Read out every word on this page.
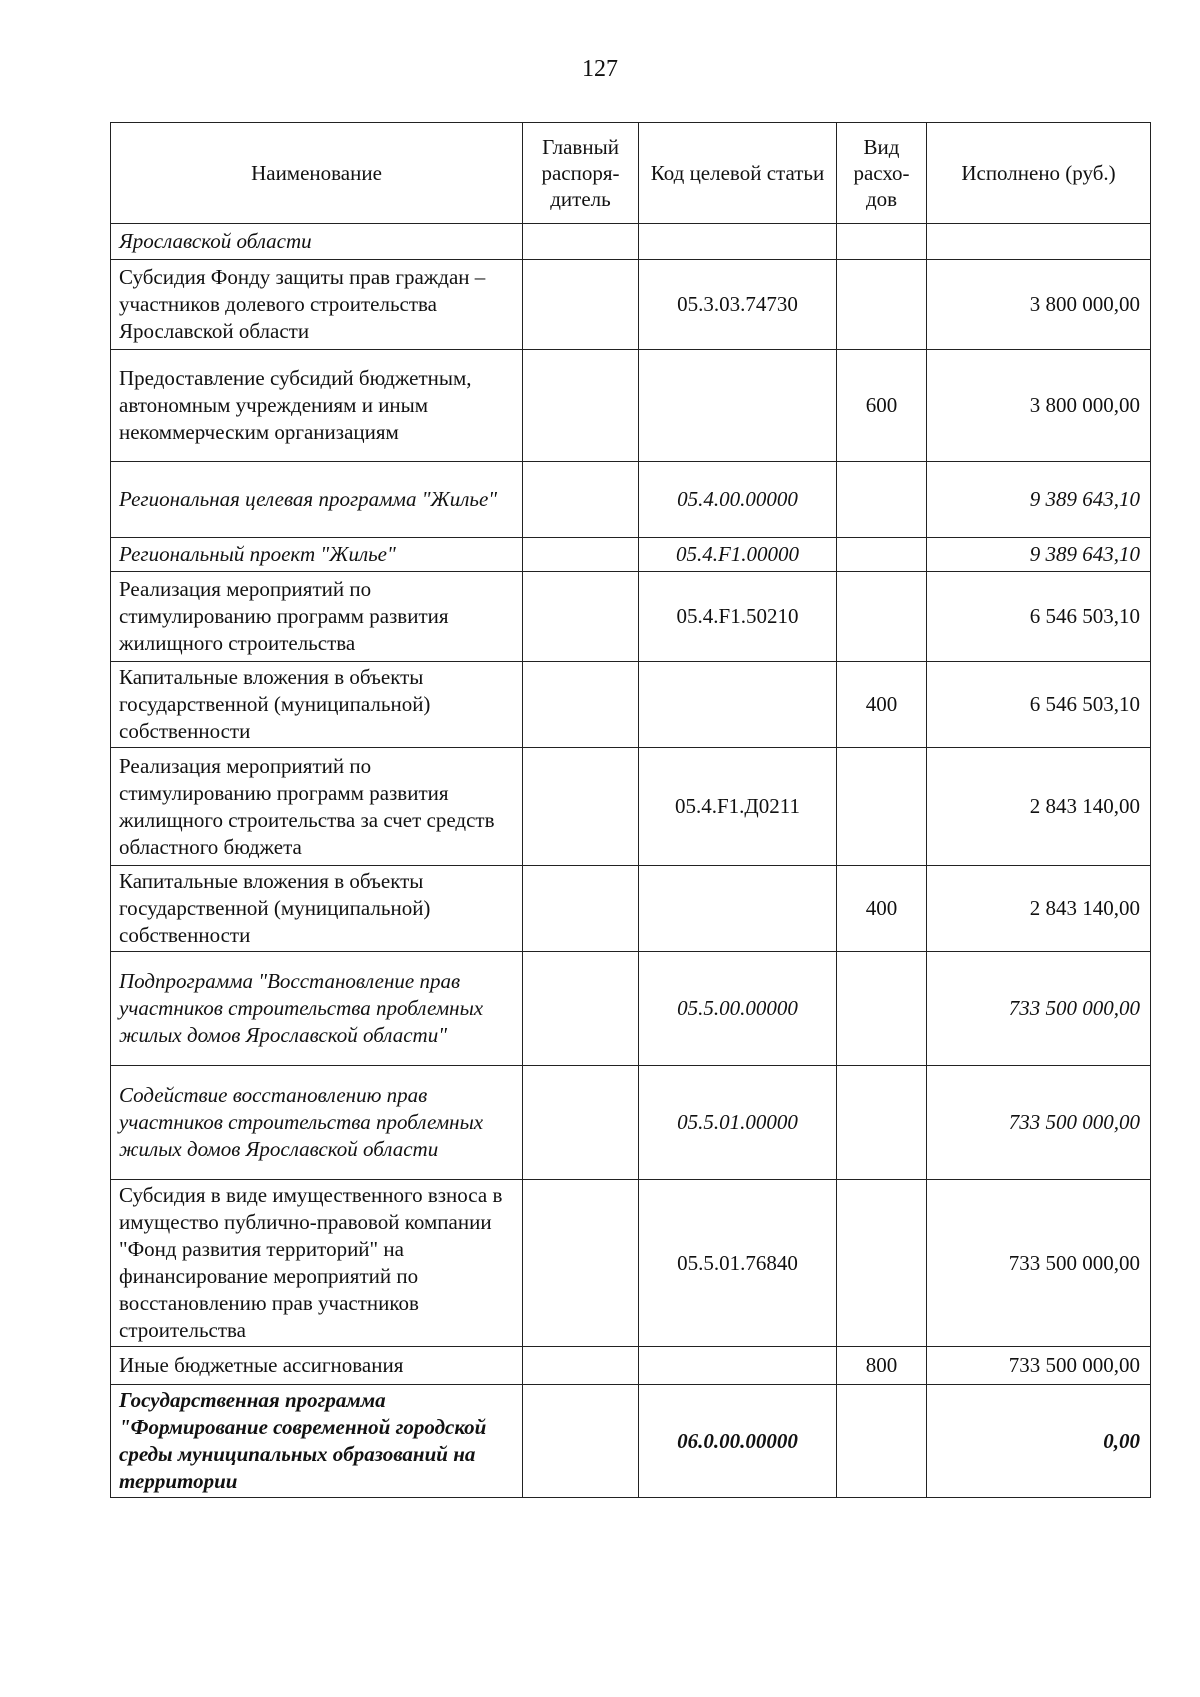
127
Наименование	Главный распоря-дитель	Код целевой статьи	Вид расхо-дов	Исполнено (руб.)
Ярославской области				
Субсидия Фонду защиты прав граждан – участников долевого строительства Ярославской области		05.3.03.74730		3 800 000,00
Предоставление субсидий бюджетным, автономным учреждениям и иным некоммерческим организациям			600	3 800 000,00
Региональная целевая программа "Жилье"		05.4.00.00000		9 389 643,10
Региональный проект "Жилье"		05.4.F1.00000		9 389 643,10
Реализация мероприятий по стимулированию программ развития жилищного строительства		05.4.F1.50210		6 546 503,10
Капитальные вложения в объекты государственной (муниципальной) собственности			400	6 546 503,10
Реализация мероприятий по стимулированию программ развития жилищного строительства за счет средств областного бюджета		05.4.F1.Д0211		2 843 140,00
Капитальные вложения в объекты государственной (муниципальной) собственности			400	2 843 140,00
Подпрограмма "Восстановление прав участников строительства проблемных жилых домов Ярославской области"		05.5.00.00000		733 500 000,00
Содействие восстановлению прав участников строительства проблемных жилых домов Ярославской области		05.5.01.00000		733 500 000,00
Субсидия в виде имущественного взноса в имущество публично-правовой компании "Фонд развития территорий" на финансирование мероприятий по восстановлению прав участников строительства		05.5.01.76840		733 500 000,00
Иные бюджетные ассигнования			800	733 500 000,00
Государственная программа "Формирование современной городской среды муниципальных образований на территории		06.0.00.00000		0,00
